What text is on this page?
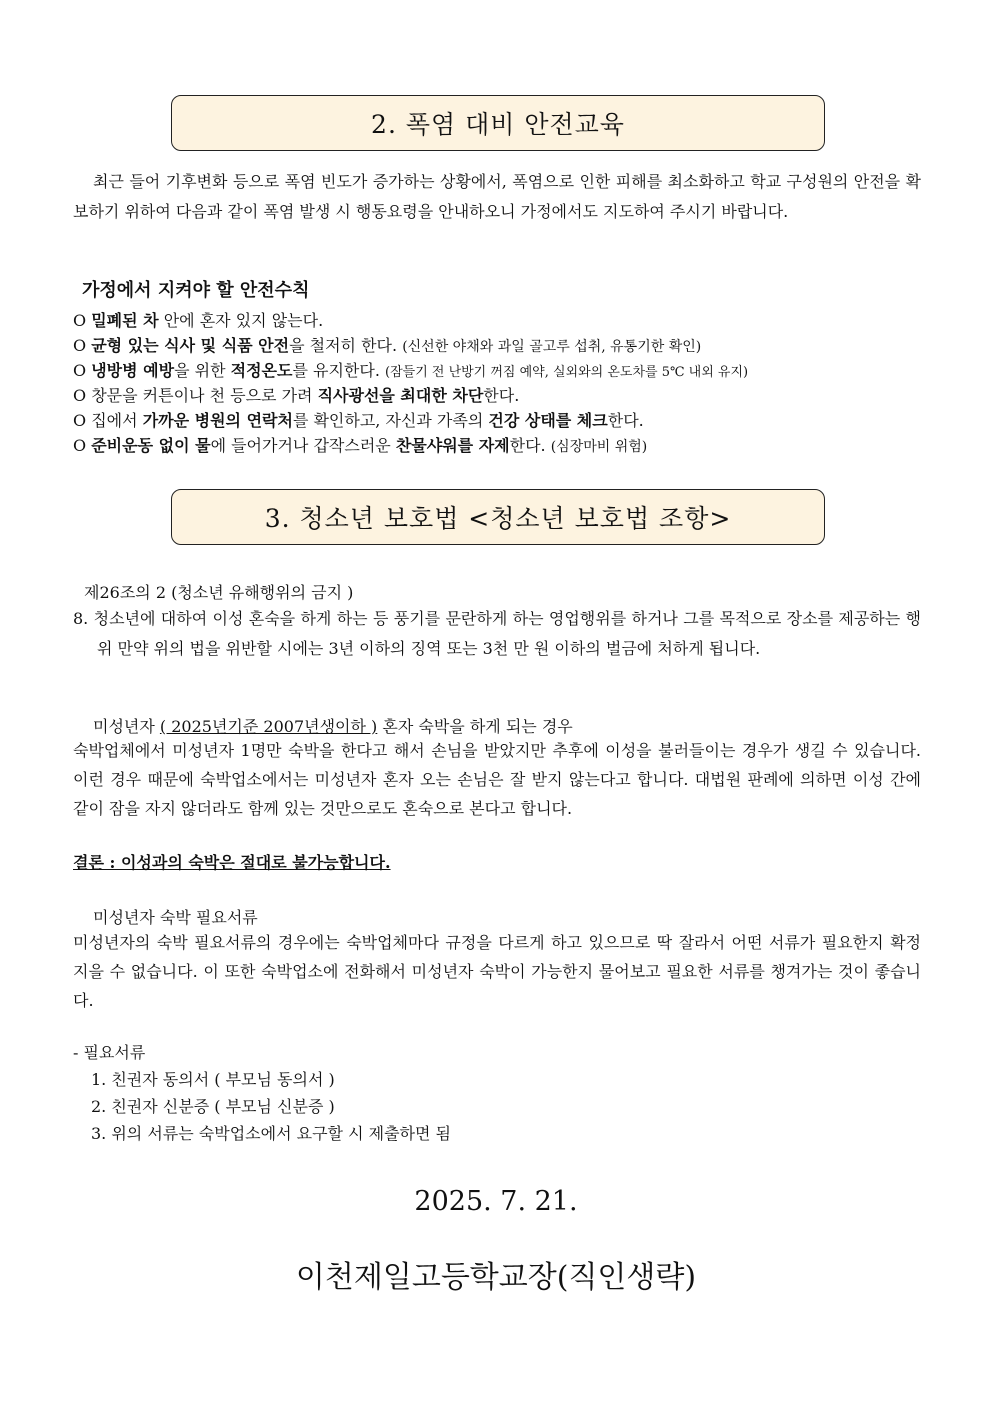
2. 폭염 대비 안전교육
최근 들어 기후변화 등으로 폭염 빈도가 증가하는 상황에서, 폭염으로 인한 피해를 최소화하고 학교 구성원의 안전을 확보하기 위하여 다음과 같이 폭염 발생 시 행동요령을 안내하오니 가정에서도 지도하여 주시기 바랍니다.
가정에서 지켜야 할 안전수칙
O 밀폐된 차 안에 혼자 있지 않는다.
O 균형 있는 식사 및 식품 안전을 철저히 한다. (신선한 야채와 과일 골고루 섭취, 유통기한 확인)
O 냉방병 예방을 위한 적정온도를 유지한다. (잠들기 전 난방기 꺼짐 예약, 실외와의 온도차를 5℃ 내외 유지)
O 창문을 커튼이나 천 등으로 가려 직사광선을 최대한 차단한다.
O 집에서 가까운 병원의 연락처를 확인하고, 자신과 가족의 건강 상태를 체크한다.
O 준비운동 없이 물에 들어가거나 갑작스러운 찬물샤워를 자제한다. (심장마비 위험)
3. 청소년 보호법 <청소년 보호법 조항>
제26조의 2 (청소년 유해행위의 금지 )
8. 청소년에 대하여 이성 혼숙을 하게 하는 등 풍기를 문란하게 하는 영업행위를 하거나 그를 목적으로 장소를 제공하는 행위 만약 위의 법을 위반할 시에는 3년 이하의 징역 또는 3천 만 원 이하의 벌금에 처하게 됩니다.
미성년자 ( 2025년기준 2007년생이하 ) 혼자 숙박을 하게 되는 경우
숙박업체에서 미성년자 1명만 숙박을 한다고 해서 손님을 받았지만 추후에 이성을 불러들이는 경우가 생길 수 있습니다. 이런 경우 때문에 숙박업소에서는 미성년자 혼자 오는 손님은 잘 받지 않는다고 합니다. 대법원 판례에 의하면 이성 간에 같이 잠을 자지 않더라도 함께 있는 것만으로도 혼숙으로 본다고 합니다.
결론 : 이성과의 숙박은 절대로 불가능합니다.
미성년자 숙박 필요서류
미성년자의 숙박 필요서류의 경우에는 숙박업체마다 규정을 다르게 하고 있으므로 딱 잘라서 어떤 서류가 필요한지 확정 지을 수 없습니다. 이 또한 숙박업소에 전화해서 미성년자 숙박이 가능한지 물어보고 필요한 서류를 챙겨가는 것이 좋습니다.
- 필요서류
1. 친권자 동의서 ( 부모님 동의서 )
2. 친권자 신분증 ( 부모님 신분증 )
3. 위의 서류는 숙박업소에서 요구할 시 제출하면 됨
2025. 7. 21.
이천제일고등학교장(직인생략)
